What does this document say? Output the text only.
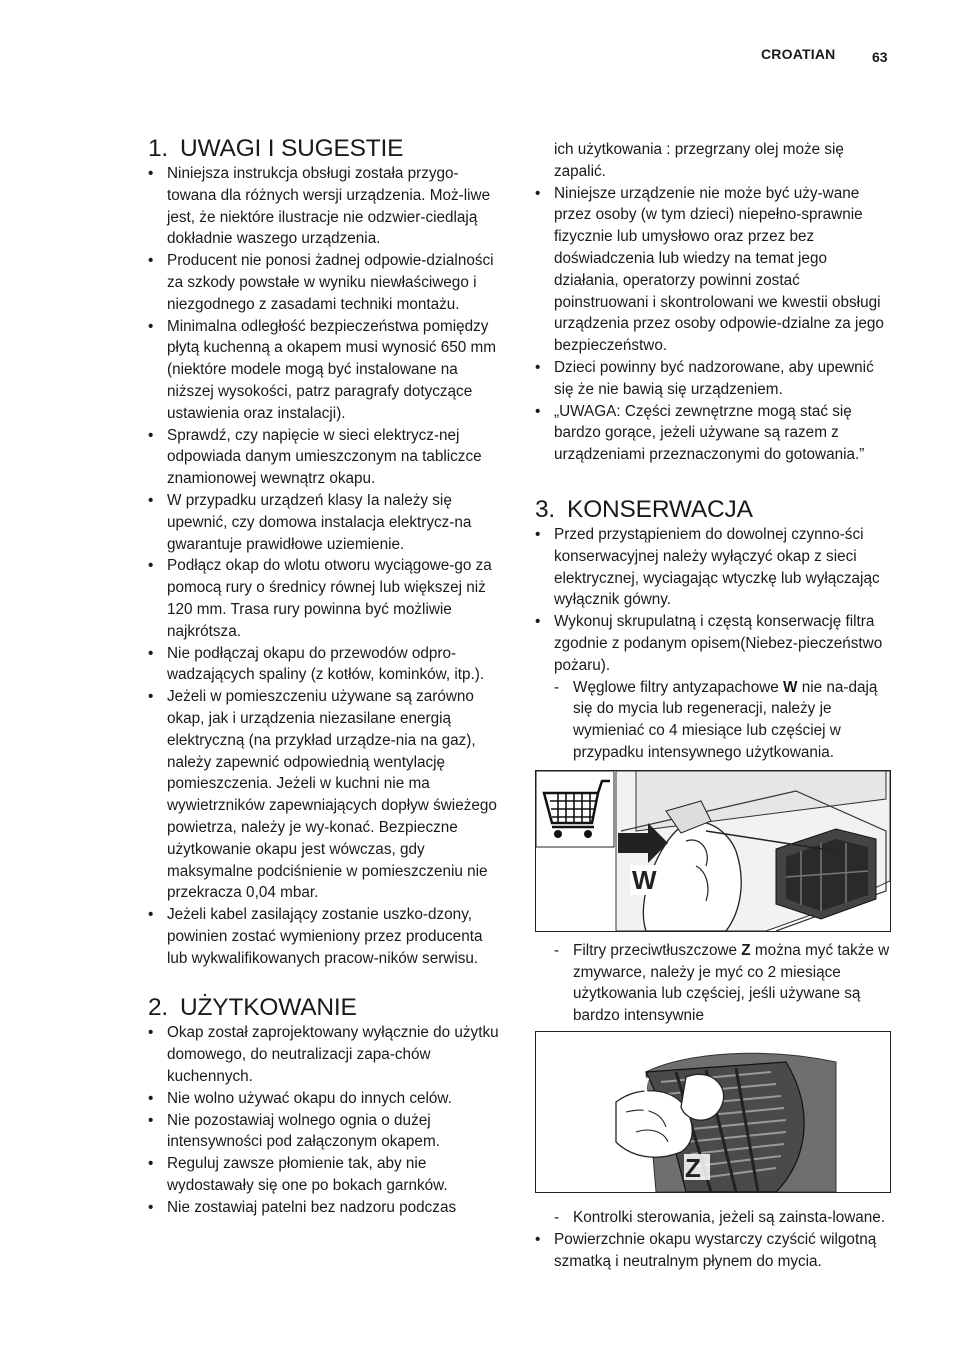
CROATIAN	63
1. UWAGI I SUGESTIE
• Niniejsza instrukcja obsługi została przygo-towana dla różnych wersji urządzenia. Moż-liwe jest, że niektóre ilustracje nie odzwier-ciedlają dokładnie waszego urządzenia.
• Producent nie ponosi żadnej odpowie-dzialności za szkody powstałe w wyniku niewłaściwego i niezgodnego z zasadami techniki montażu.
• Minimalna odległość bezpieczeństwa pomiędzy płytą kuchenną a okapem musi wynosić 650 mm (niektóre modele mogą być instalowane na niższej wysokości, patrz paragrafy dotyczące ustawienia oraz instalacji).
• Sprawdź, czy napięcie w sieci elektrycz-nej odpowiada danym umieszczonym na tabliczce znamionowej wewnątrz okapu.
• W przypadku urządzeń klasy Ia należy się upewnić, czy domowa instalacja elektrycz-na gwarantuje prawidłowe uziemienie.
• Podłącz okap do wlotu otworu wyciągowe-go za pomocą rury o średnicy równej lub większej niż 120 mm. Trasa rury powinna być możliwie najkrótsza.
• Nie podłączaj okapu do przewodów odpro-wadzających spaliny (z kotłów, kominków, itp.).
• Jeżeli w pomieszczeniu używane są zarówno okap, jak i urządzenia niezasilane energią elektryczną (na przykład urządze-nia na gaz), należy zapewnić odpowiednią wentylację pomieszczenia. Jeżeli w kuchni nie ma wywietrzników zapewniających dopływ świeżego powietrza, należy je wy-konać. Bezpieczne użytkowanie okapu jest wówczas, gdy maksymalne podciśnienie w pomieszczeniu nie przekracza 0,04 mbar.
• Jeżeli kabel zasilający zostanie uszko-dzony, powinien zostać wymieniony przez producenta lub wykwalifikowanych pracow-ników serwisu.
2. UŻYTKOWANIE
• Okap został zaprojektowany wyłącznie do użytku domowego, do neutralizacji zapa-chów kuchennych.
• Nie wolno używać okapu do innych celów.
• Nie pozostawiaj wolnego ognia o dużej intensywności pod załączonym okapem.
• Reguluj zawsze płomienie tak, aby nie wydostawały się one po bokach garnków.
• Nie zostawiaj patelni bez nadzoru podczas
ich użytkowania : przegrzany olej może się zapalić.
• Niniejsze urządzenie nie może być uży-wane przez osoby (w tym dzieci) niepełno-sprawnie fizycznie lub umysłowo oraz przez bez doświadczenia lub wiedzy na temat jego działania, operatorzy powinni zostać poinstruowani i skontrolowani we kwestii obsługi urządzenia przez osoby odpowie-dzialne za jego bezpieczeństwo.
• Dzieci powinny być nadzorowane, aby upewnić się że nie bawią się urządzeniem.
• „UWAGA: Części zewnętrzne mogą stać się bardzo gorące, jeżeli używane są razem z urządzeniami przeznaczonymi do gotowania.”
3. KONSERWACJA
• Przed przystąpieniem do dowolnej czynno-ści konserwacyjnej należy wyłączyć okap z sieci elektrycznej, wyciagając wtyczkę lub wyłączając wyłącznik gówny.
• Wykonuj skrupulatną i częstą konserwację filtra zgodnie z podanym opisem(Niebez-pieczeństwo pożaru).
- Węglowe filtry antyzapachowe W nie na-dają się do mycia lub regeneracji, należy je wymieniać co 4 miesiące lub częściej w przypadku intensywnego użytkowania.
W
- Filtry przeciwtłuszczowe Z można myć także w zmywarce, należy je myć co 2 miesiące użytkowania lub częściej, jeśli używane są bardzo intensywnie
Z
- Kontrolki sterowania, jeżeli są zainsta-lowane.
• Powierzchnie okapu wystarczy czyścić wilgotną szmatką i neutralnym płynem do mycia.
